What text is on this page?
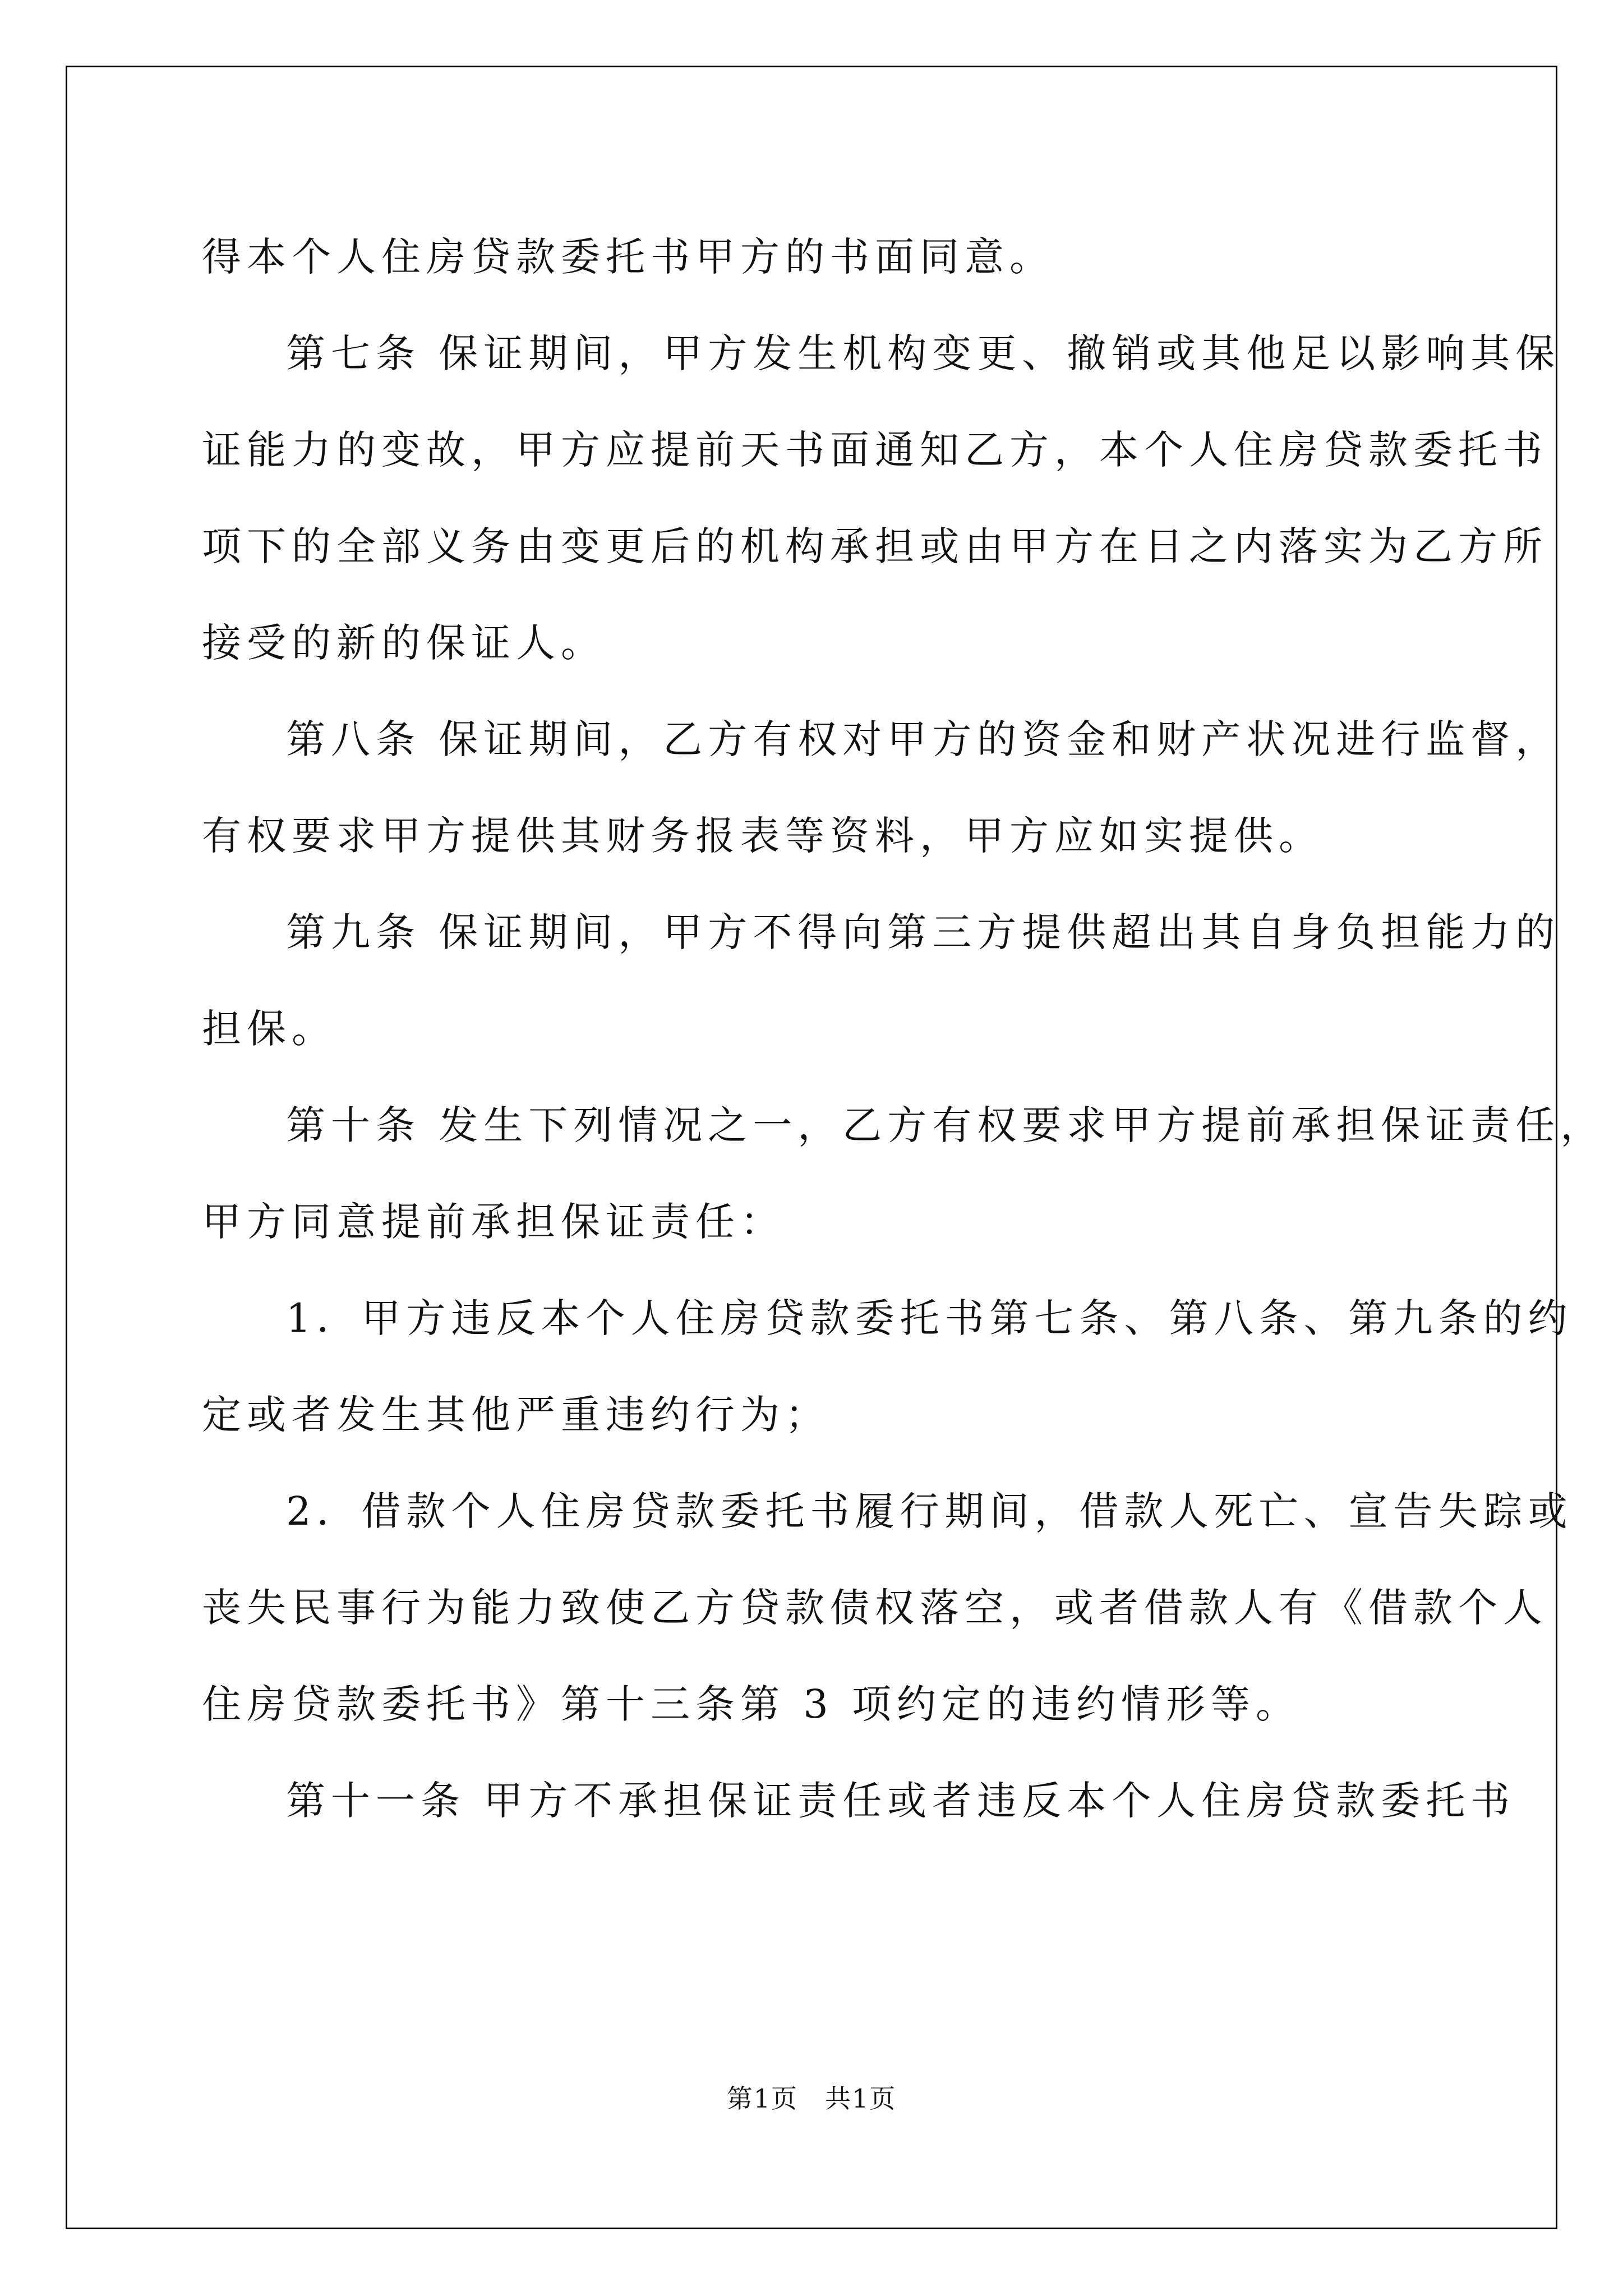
得本个人住房贷款委托书甲方的书面同意。

第七条 保证期间，甲方发生机构变更、撤销或其他足以影响其保
证能力的变故，甲方应提前天书面通知乙方，本个人住房贷款委托书
项下的全部义务由变更后的机构承担或由甲方在日之内落实为乙方所
接受的新的保证人。

第八条 保证期间，乙方有权对甲方的资金和财产状况进行监督，
有权要求甲方提供其财务报表等资料，甲方应如实提供。

第九条 保证期间，甲方不得向第三方提供超出其自身负担能力的
担保。

第十条 发生下列情况之一，乙方有权要求甲方提前承担保证责任，
甲方同意提前承担保证责任：

1．甲方违反本个人住房贷款委托书第七条、第八条、第九条的约
定或者发生其他严重违约行为；

2．借款个人住房贷款委托书履行期间，借款人死亡、宣告失踪或
丧失民事行为能力致使乙方贷款债权落空，或者借款人有《借款个人
住房贷款委托书》第十三条第 3 项约定的违约情形等。

第十一条 甲方不承担保证责任或者违反本个人住房贷款委托书

第1页 共1页
